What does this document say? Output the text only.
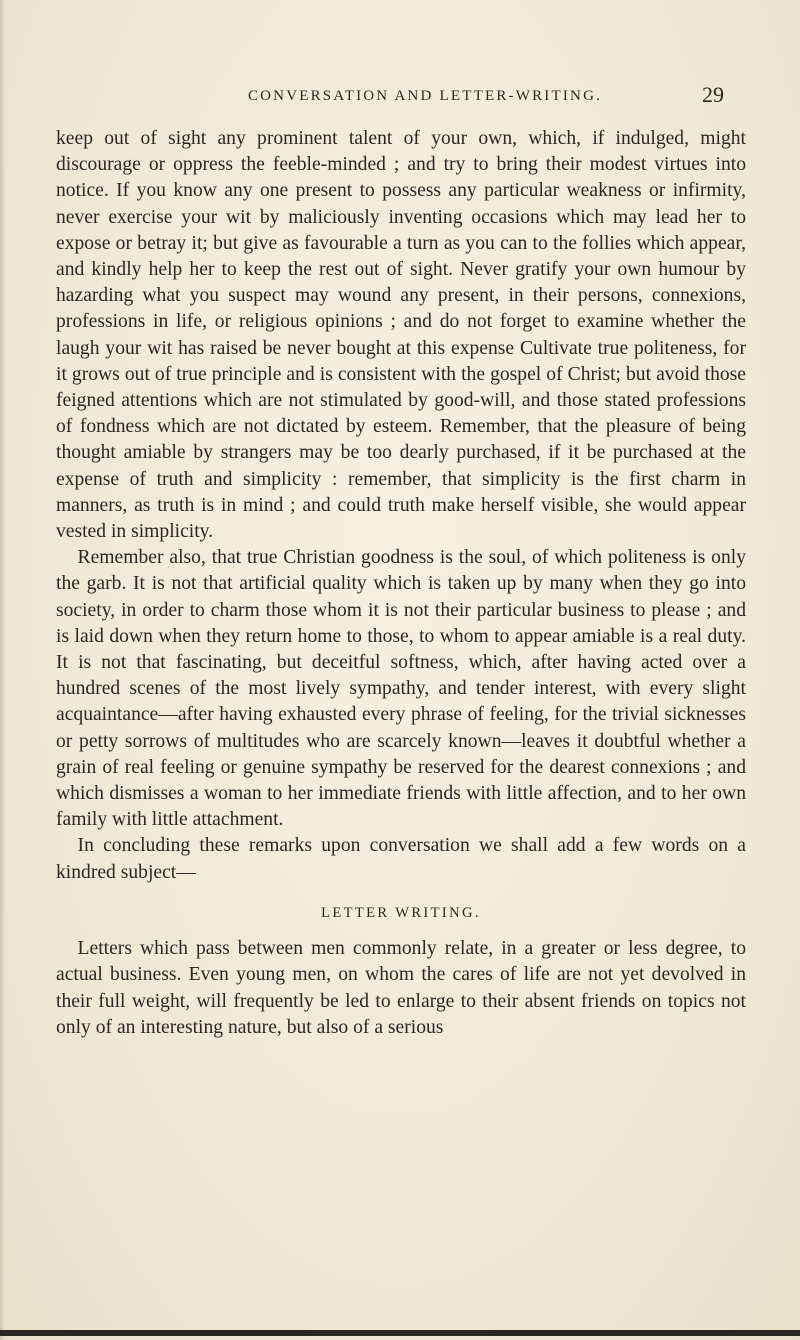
CONVERSATION AND LETTER-WRITING.	29

keep out of sight any prominent talent of your own, which, if indulged, might discourage or oppress the feeble-minded ; and try to bring their modest virtues into notice. If you know any one present to possess any particular weakness or infirmity, never exercise your wit by maliciously inventing occasions which may lead her to expose or betray it; but give as favourable a turn as you can to the follies which appear, and kindly help her to keep the rest out of sight. Never gratify your own humour by hazarding what you suspect may wound any present, in their persons, connexions, professions in life, or religious opinions ; and do not forget to examine whether the laugh your wit has raised be never bought at this expense Cultivate true politeness, for it grows out of true principle and is consistent with the gospel of Christ; but avoid those feigned attentions which are not stimulated by good-will, and those stated professions of fondness which are not dictated by esteem. Remember, that the pleasure of being thought amiable by strangers may be too dearly purchased, if it be purchased at the expense of truth and simplicity : remember, that simplicity is the first charm in manners, as truth is in mind ; and could truth make herself visible, she would appear vested in simplicity.

Remember also, that true Christian goodness is the soul, of which politeness is only the garb. It is not that artificial quality which is taken up by many when they go into society, in order to charm those whom it is not their particular business to please ; and is laid down when they return home to those, to whom to appear amiable is a real duty. It is not that fascinating, but deceitful softness, which, after having acted over a hundred scenes of the most lively sympathy, and tender interest, with every slight acquaintance—after having exhausted every phrase of feeling, for the trivial sicknesses or petty sorrows of multitudes who are scarcely known—leaves it doubtful whether a grain of real feeling or genuine sympathy be reserved for the dearest connexions ; and which dismisses a woman to her immediate friends with little affection, and to her own family with little attachment.

In concluding these remarks upon conversation we shall add a few words on a kindred subject—

LETTER WRITING.

Letters which pass between men commonly relate, in a greater or less degree, to actual business. Even young men, on whom the cares of life are not yet devolved in their full weight, will frequently be led to enlarge to their absent friends on topics not only of an interesting nature, but also of a serious
